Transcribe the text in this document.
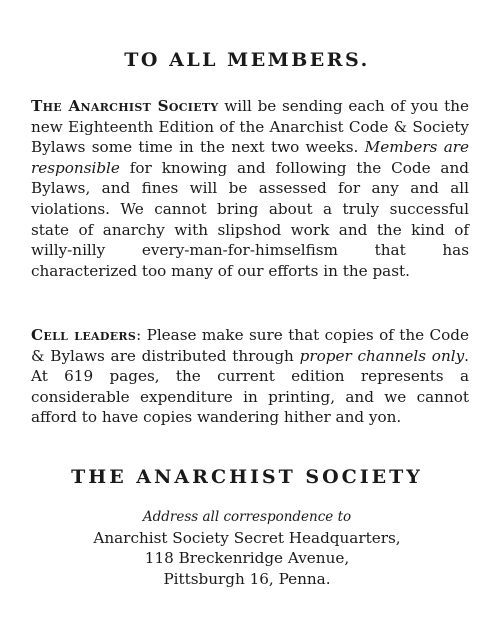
TO ALL MEMBERS.

The Anarchist Society will be sending each of you the new Eighteenth Edition of the Anarchist Code & Society Bylaws some time in the next two weeks. Members are responsible for knowing and following the Code and Bylaws, and fines will be assessed for any and all violations. We cannot bring about a truly successful state of anarchy with slipshod work and the kind of willy-nilly every-man-for-himselfism that has characterized too many of our efforts in the past.

Cell leaders: Please make sure that copies of the Code & Bylaws are distributed through proper channels only. At 619 pages, the current edition represents a considerable expenditure in printing, and we cannot afford to have copies wandering hither and yon.

THE ANARCHIST SOCIETY
Address all correspondence to
Anarchist Society Secret Headquarters,
118 Breckenridge Avenue,
Pittsburgh 16, Penna.
